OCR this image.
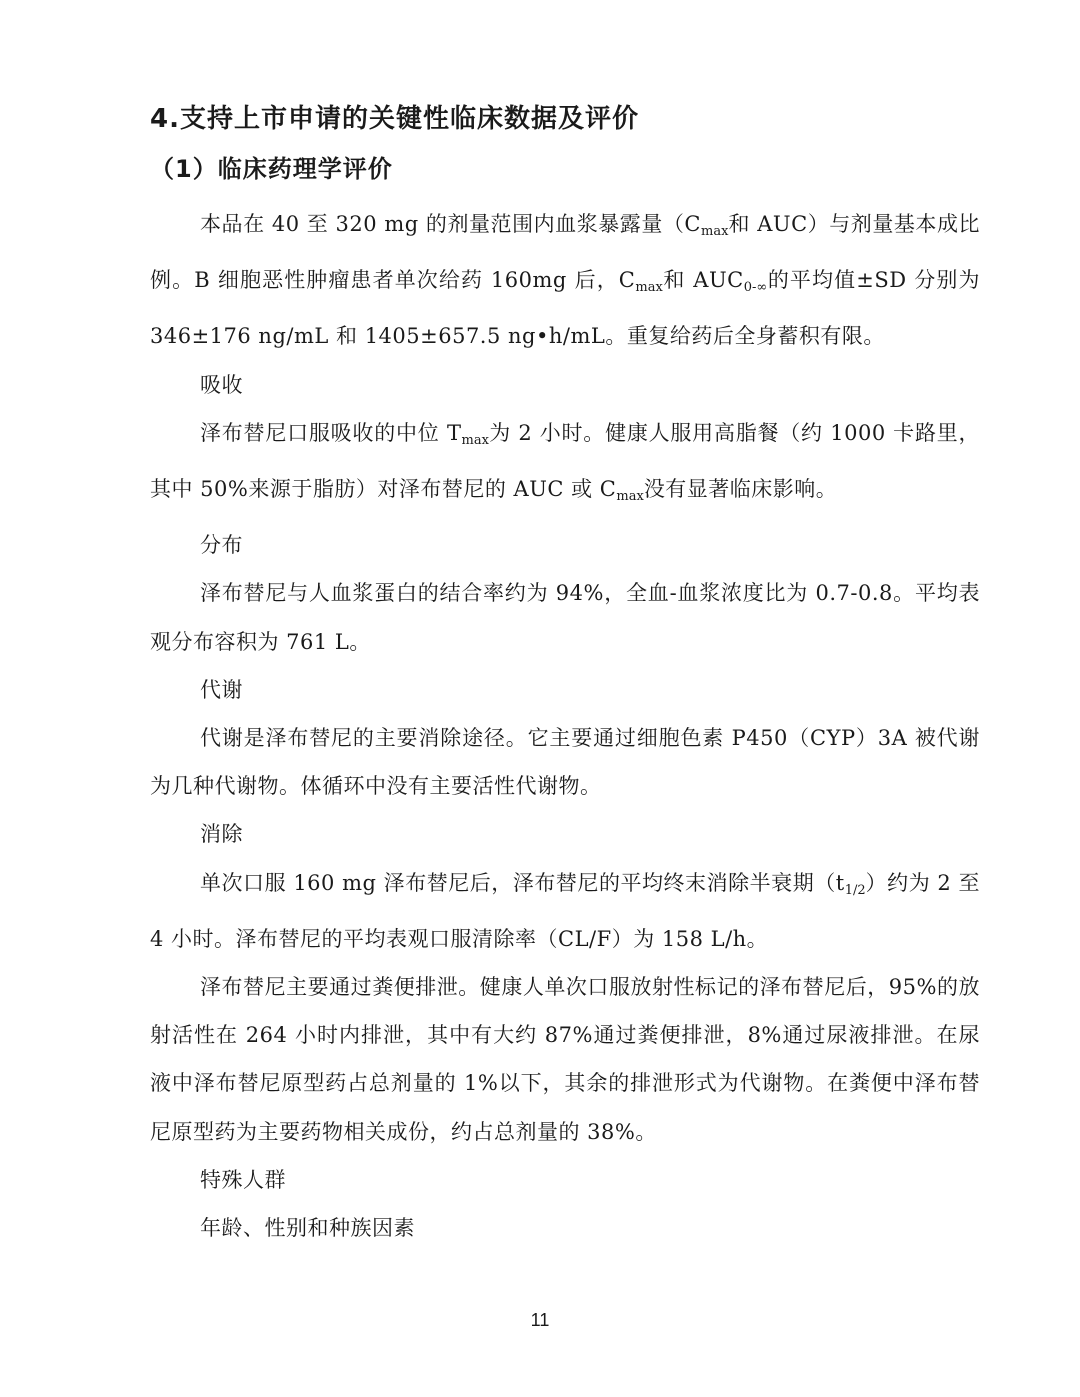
4.支持上市申请的关键性临床数据及评价
（1）临床药理学评价

本品在 40 至 320 mg 的剂量范围内血浆暴露量（$C_{max}$和 AUC）与剂量基本成比例。B 细胞恶性肿瘤患者单次给药 160mg 后，$C_{max}$和 $AUC_{0-\infty}$的平均值±SD 分别为 346±176 ng/mL 和 1405±657.5 ng•h/mL。重复给药后全身蓄积有限。

吸收

泽布替尼口服吸收的中位 $T_{max}$为 2 小时。健康人服用高脂餐（约 1000 卡路里，其中 50%来源于脂肪）对泽布替尼的 AUC 或 $C_{max}$没有显著临床影响。

分布

泽布替尼与人血浆蛋白的结合率约为 94%，全血-血浆浓度比为 0.7-0.8。平均表观分布容积为 761 L。

代谢

代谢是泽布替尼的主要消除途径。它主要通过细胞色素 P450（CYP）3A 被代谢为几种代谢物。体循环中没有主要活性代谢物。

消除

单次口服 160 mg 泽布替尼后，泽布替尼的平均终末消除半衰期$(t_{1/2})$约为 2 至 4 小时。泽布替尼的平均表观口服清除率（CL/F）为 158 L/h。

泽布替尼主要通过粪便排泄。健康人单次口服放射性标记的泽布替尼后，95%的放射活性在 264 小时内排泄，其中有大约 87%通过粪便排泄，8%通过尿液排泄。在尿液中泽布替尼原型药占总剂量的 1%以下，其余的排泄形式为代谢物。在粪便中泽布替尼原型药为主要药物相关成份，约占总剂量的 38%。

特殊人群

年龄、性别和种族因素

11
